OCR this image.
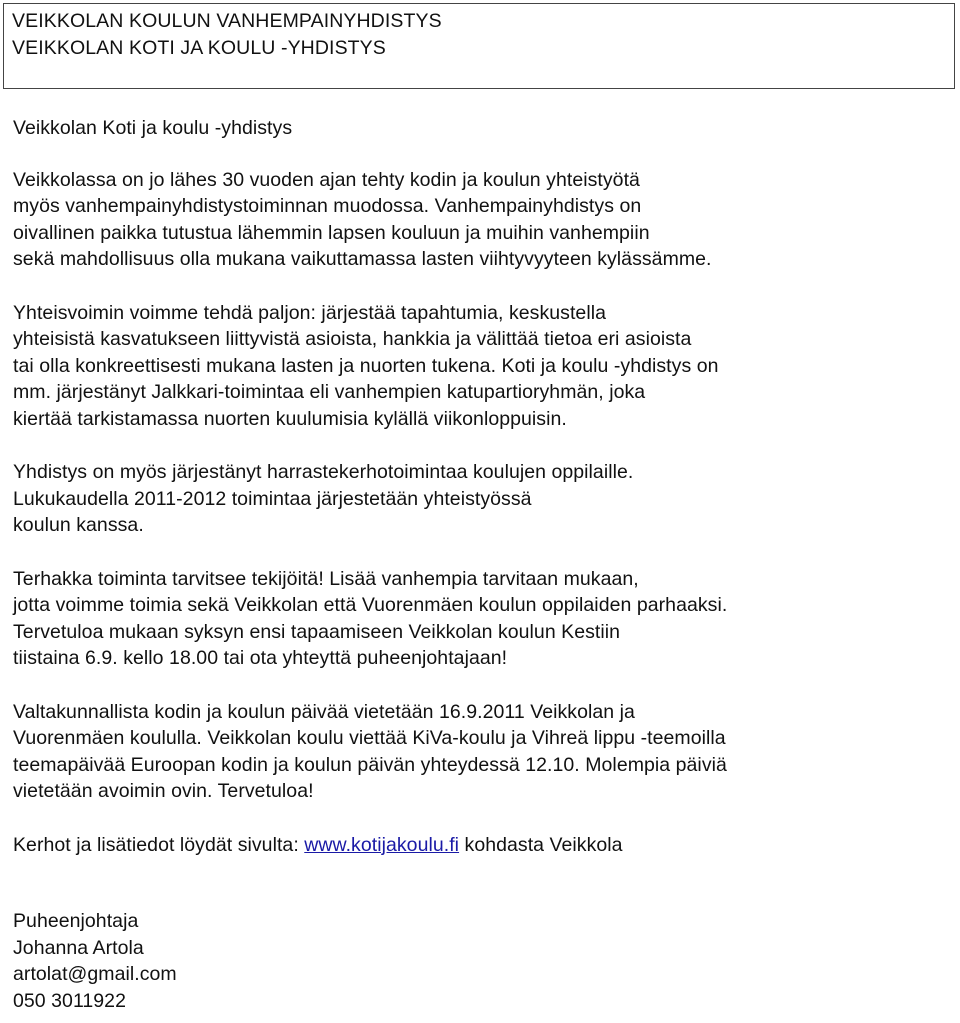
VEIKKOLAN KOULUN VANHEMPAINYHDISTYS
VEIKKOLAN KOTI JA KOULU -YHDISTYS

Veikkolan Koti ja koulu -yhdistys

Veikkolassa on jo lähes 30 vuoden ajan tehty kodin ja koulun yhteistyötä
myös vanhempainyhdistystoiminnan muodossa. Vanhempainyhdistys on
oivallinen paikka tutustua lähemmin lapsen kouluun ja muihin vanhempiin
sekä mahdollisuus olla mukana vaikuttamassa lasten viihtyvyyteen kylässämme.

Yhteisvoimin voimme tehdä paljon: järjestää tapahtumia, keskustella
yhteisistä kasvatukseen liittyvistä asioista, hankkia ja välittää tietoa eri asioista
tai olla konkreettisesti mukana lasten ja nuorten tukena. Koti ja koulu -yhdistys on
mm. järjestänyt Jalkkari-toimintaa eli vanhempien katupartioryhmän, joka
kiertää tarkistamassa nuorten kuulumisia kylällä viikonloppuisin.

Yhdistys on myös järjestänyt harrastekerhotoimintaa koulujen oppilaille.
Lukukaudella 2011-2012 toimintaa järjestetään yhteistyössä
koulun kanssa.

Terhakka toiminta tarvitsee tekijöitä! Lisää vanhempia tarvitaan mukaan,
jotta voimme toimia sekä Veikkolan että Vuorenmäen koulun oppilaiden parhaaksi.
Tervetuloa mukaan syksyn ensi tapaamiseen Veikkolan koulun Kestiin
tiistaina 6.9. kello 18.00 tai ota yhteyttä puheenjohtajaan!

Valtakunnallista kodin ja koulun päivää vietetään 16.9.2011 Veikkolan ja
Vuorenmäen koululla. Veikkolan koulu viettää KiVa-koulu ja Vihreä lippu -teemoilla
teemapäivää Euroopan kodin ja koulun päivän yhteydessä 12.10. Molempia päiviä
vietetään avoimin ovin. Tervetuloa!

Kerhot ja lisätiedot löydät sivulta: www.kotijakoulu.fi kohdasta Veikkola

Puheenjohtaja
Johanna Artola
artolat@gmail.com
050 3011922
